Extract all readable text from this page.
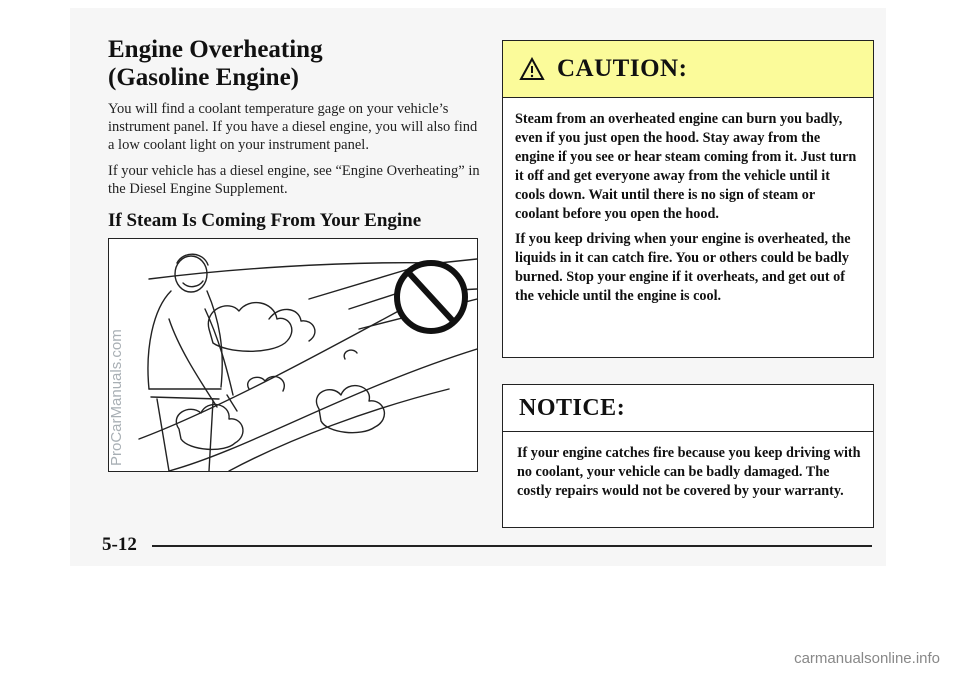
Engine Overheating
(Gasoline Engine)

You will find a coolant temperature gage on your vehicle’s instrument panel. If you have a diesel engine, you will also find a low coolant light on your instrument panel.

If your vehicle has a diesel engine, see “Engine Overheating” in the Diesel Engine Supplement.

If Steam Is Coming From Your Engine
CAUTION:

Steam from an overheated engine can burn you badly, even if you just open the hood. Stay away from the engine if you see or hear steam coming from it. Just turn it off and get everyone away from the vehicle until it cools down. Wait until there is no sign of steam or coolant before you open the hood.

If you keep driving when your engine is overheated, the liquids in it can catch fire. You or others could be badly burned. Stop your engine if it overheats, and get out of the vehicle until the engine is cool.

NOTICE:

If your engine catches fire because you keep driving with no coolant, your vehicle can be badly damaged. The costly repairs would not be covered by your warranty.

5-12
ProCarManuals.com
carmanualsonline.info
